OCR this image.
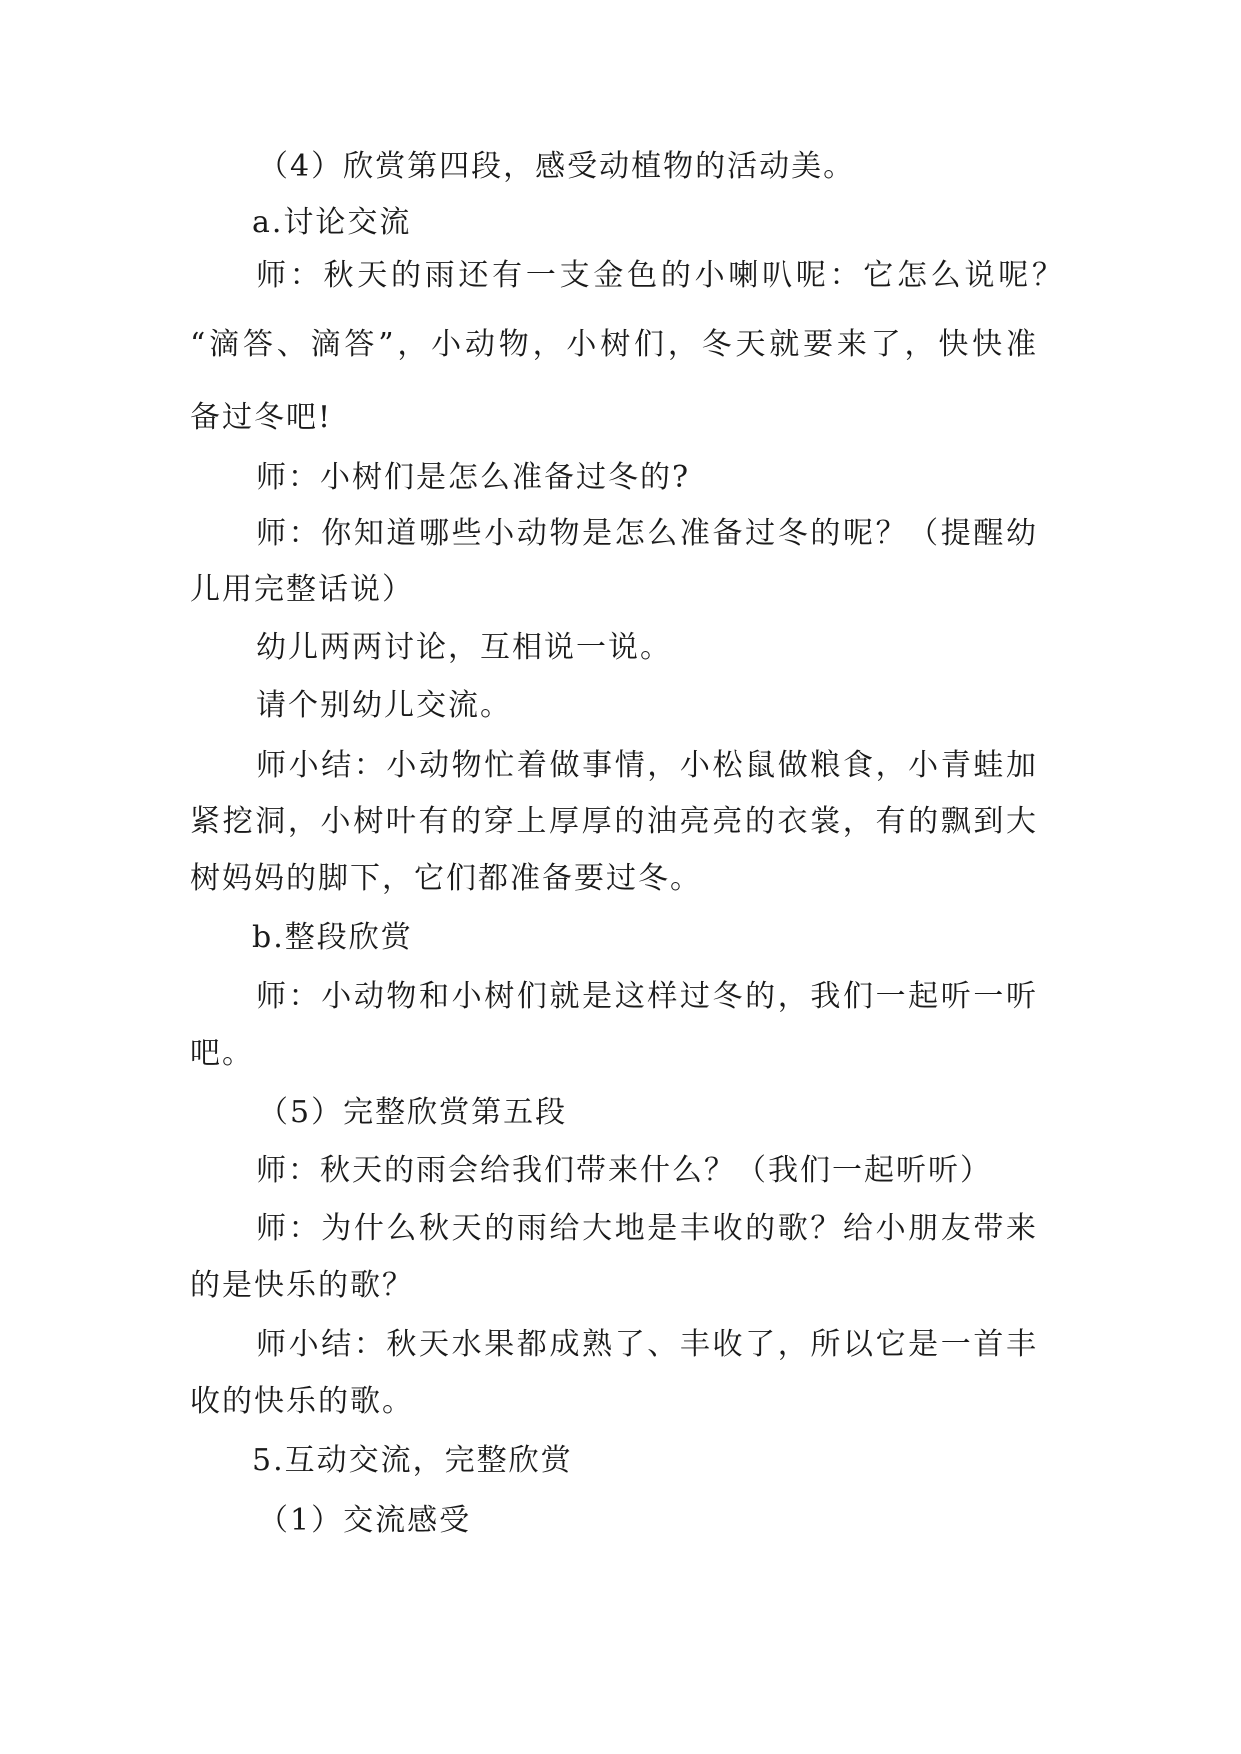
（4）欣赏第四段，感受动植物的活动美。
a.讨论交流
师：秋天的雨还有一支金色的小喇叭呢：它怎么说呢？
“滴答、滴答”，小动物，小树们，冬天就要来了，快快准
备过冬吧!
师：小树们是怎么准备过冬的?
师：你知道哪些小动物是怎么准备过冬的呢？（提醒幼
儿用完整话说）
幼儿两两讨论，互相说一说。
请个别幼儿交流。
师小结：小动物忙着做事情，小松鼠做粮食，小青蛙加
紧挖洞，小树叶有的穿上厚厚的油亮亮的衣裳，有的飘到大
树妈妈的脚下，它们都准备要过冬。
b.整段欣赏
师：小动物和小树们就是这样过冬的，我们一起听一听
吧。
（5）完整欣赏第五段
师：秋天的雨会给我们带来什么？（我们一起听听）
师：为什么秋天的雨给大地是丰收的歌？给小朋友带来
的是快乐的歌？
师小结：秋天水果都成熟了、丰收了，所以它是一首丰
收的快乐的歌。
5.互动交流，完整欣赏
（1）交流感受
